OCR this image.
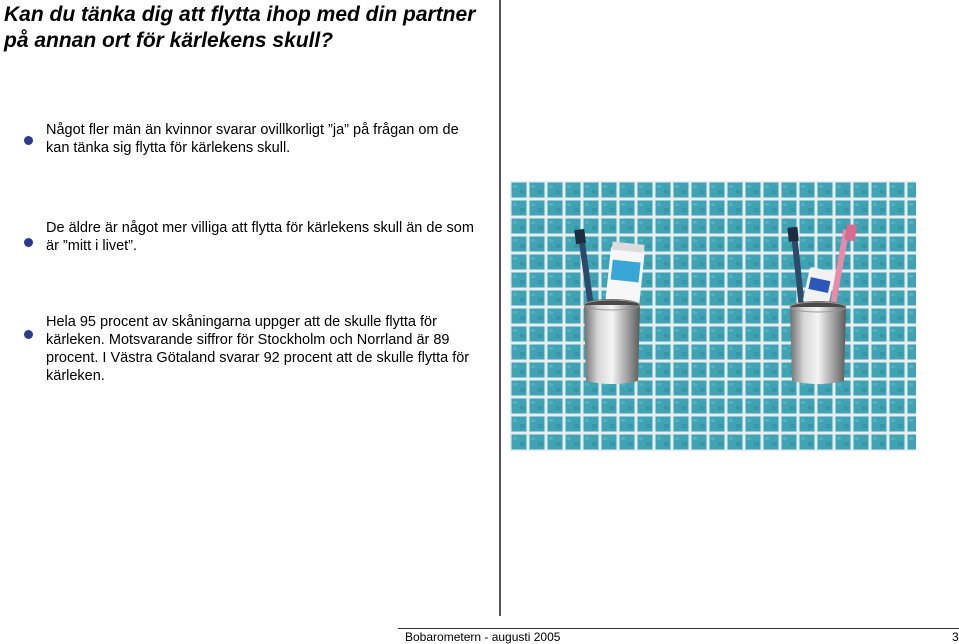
Kan du tänka dig att flytta ihop med din partner på annan ort för kärlekens skull?
Något fler män än kvinnor svarar ovillkorligt ”ja” på frågan om de kan tänka sig flytta för kärlekens skull.
De äldre är något mer villiga att flytta för kärlekens skull än de som är ”mitt i livet”.
Hela 95 procent av skåningarna uppger att de skulle flytta för kärleken. Motsvarande siffror för Stockholm och Norrland är 89 procent. I Västra Götaland svarar 92 procent att de skulle flytta för kärleken.
Bobarometern - augusti 2005	3
